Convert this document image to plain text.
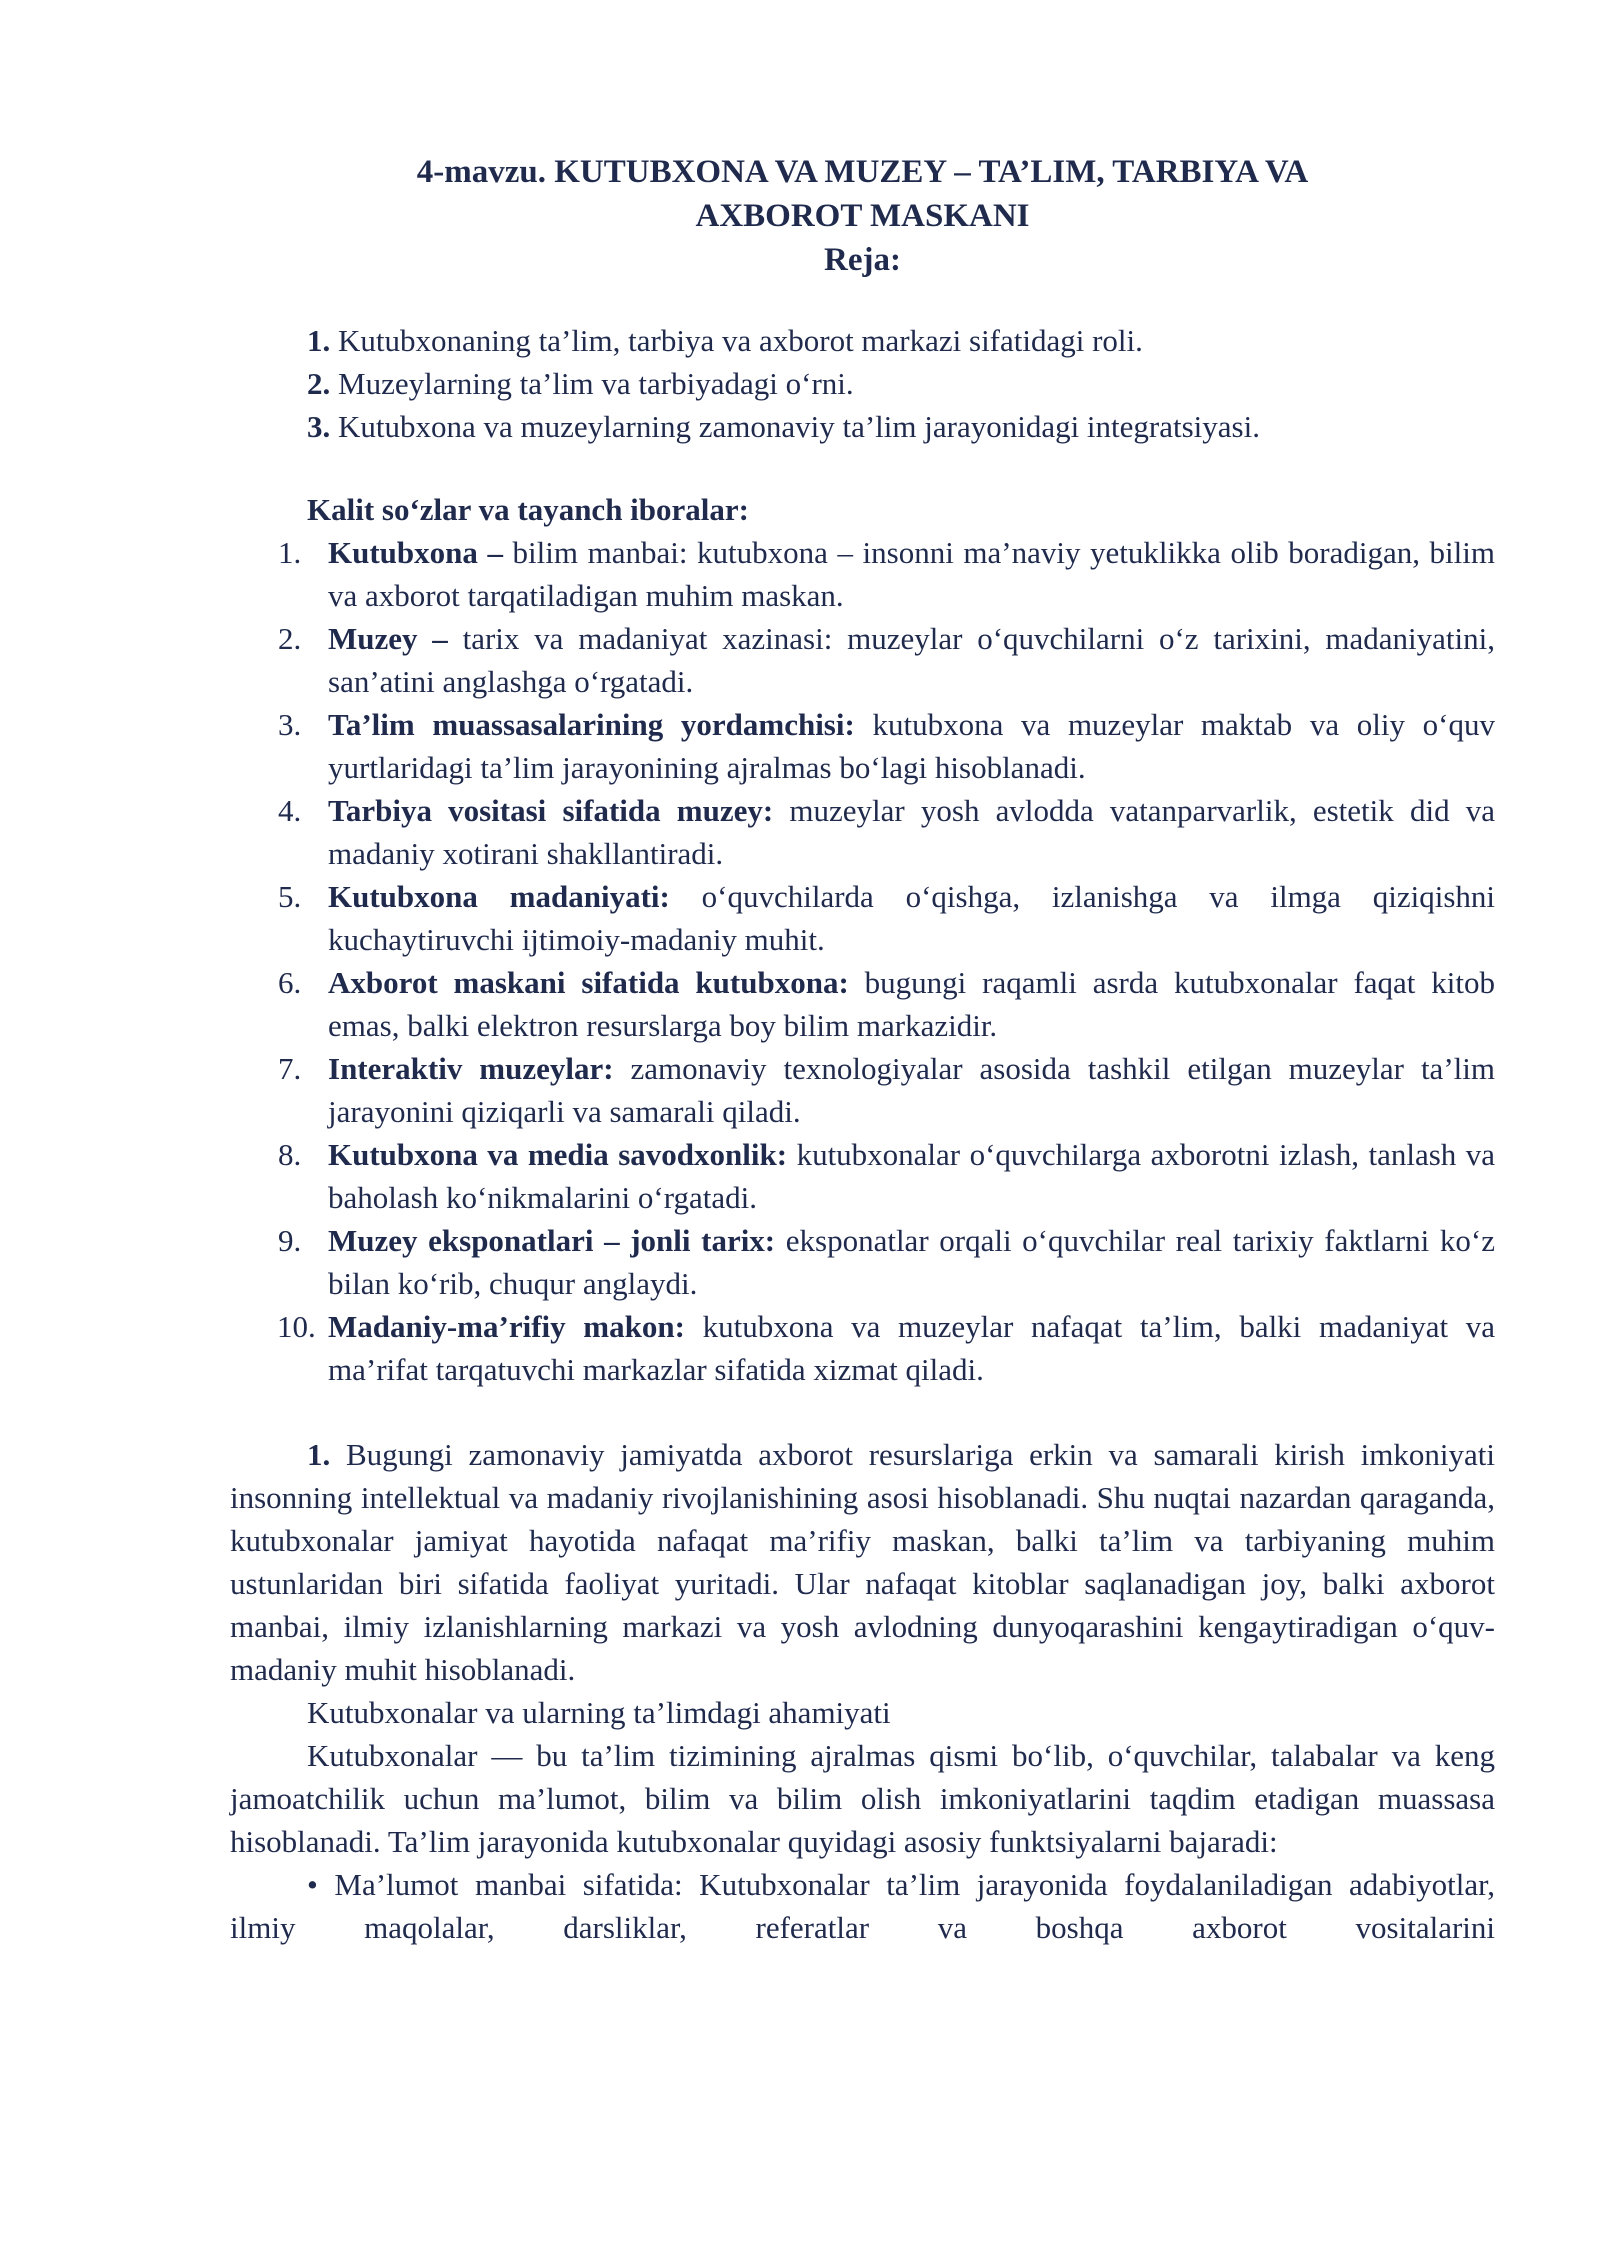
4-mavzu. KUTUBXONA VA MUZEY – TA’LIM, TARBIYA VA
AXBOROT MASKANI
Reja:
1. Kutubxonaning ta’lim, tarbiya va axborot markazi sifatidagi roli.
2. Muzeylarning ta’lim va tarbiyadagi o‘rni.
3. Kutubxona va muzeylarning zamonaviy ta’lim jarayonidagi integratsiyasi.
Kalit so‘zlar va tayanch iboralar:
1. Kutubxona – bilim manbai: kutubxona – insonni ma’naviy yetuklikka olib boradigan, bilim va axborot tarqatiladigan muhim maskan.
2. Muzey – tarix va madaniyat xazinasi: muzeylar o‘quvchilarni o‘z tarixini, madaniyatini, san’atini anglashga o‘rgatadi.
3. Ta’lim muassasalarining yordamchisi: kutubxona va muzeylar maktab va oliy o‘quv yurtlaridagi ta’lim jarayonining ajralmas bo‘lagi hisoblanadi.
4. Tarbiya vositasi sifatida muzey: muzeylar yosh avlodda vatanparvarlik, estetik did va madaniy xotirani shakllantiradi.
5. Kutubxona madaniyati: o‘quvchilarda o‘qishga, izlanishga va ilmga qiziqishni kuchaytiruvchi ijtimoiy-madaniy muhit.
6. Axborot maskani sifatida kutubxona: bugungi raqamli asrda kutubxonalar faqat kitob emas, balki elektron resurslarga boy bilim markazidir.
7. Interaktiv muzeylar: zamonaviy texnologiyalar asosida tashkil etilgan muzeylar ta’lim jarayonini qiziqarli va samarali qiladi.
8. Kutubxona va media savodxonlik: kutubxonalar o‘quvchilarga axborotni izlash, tanlash va baholash ko‘nikmalarini o‘rgatadi.
9. Muzey eksponatlari – jonli tarix: eksponatlar orqali o‘quvchilar real tarixiy faktlarni ko‘z bilan ko‘rib, chuqur anglaydi.
10. Madaniy-ma’rifiy makon: kutubxona va muzeylar nafaqat ta’lim, balki madaniyat va ma’rifat tarqatuvchi markazlar sifatida xizmat qiladi.

1. Bugungi zamonaviy jamiyatda axborot resurslariga erkin va samarali kirish imkoniyati insonning intellektual va madaniy rivojlanishining asosi hisoblanadi. Shu nuqtai nazardan qaraganda, kutubxonalar jamiyat hayotida nafaqat ma’rifiy maskan, balki ta’lim va tarbiyaning muhim ustunlaridan biri sifatida faoliyat yuritadi. Ular nafaqat kitoblar saqlanadigan joy, balki axborot manbai, ilmiy izlanishlarning markazi va yosh avlodning dunyoqarashini kengaytiradigan o‘quv-madaniy muhit hisoblanadi.

Kutubxonalar va ularning ta’limdagi ahamiyati

Kutubxonalar — bu ta’lim tizimining ajralmas qismi bo‘lib, o‘quvchilar, talabalar va keng jamoatchilik uchun ma’lumot, bilim va bilim olish imkoniyatlarini taqdim etadigan muassasa hisoblanadi. Ta’lim jarayonida kutubxonalar quyidagi asosiy funktsiyalarni bajaradi:

• Ma’lumot manbai sifatida: Kutubxonalar ta’lim jarayonida foydalaniladigan adabiyotlar, ilmiy maqolalar, darsliklar, referatlar va boshqa axborot vositalarini
